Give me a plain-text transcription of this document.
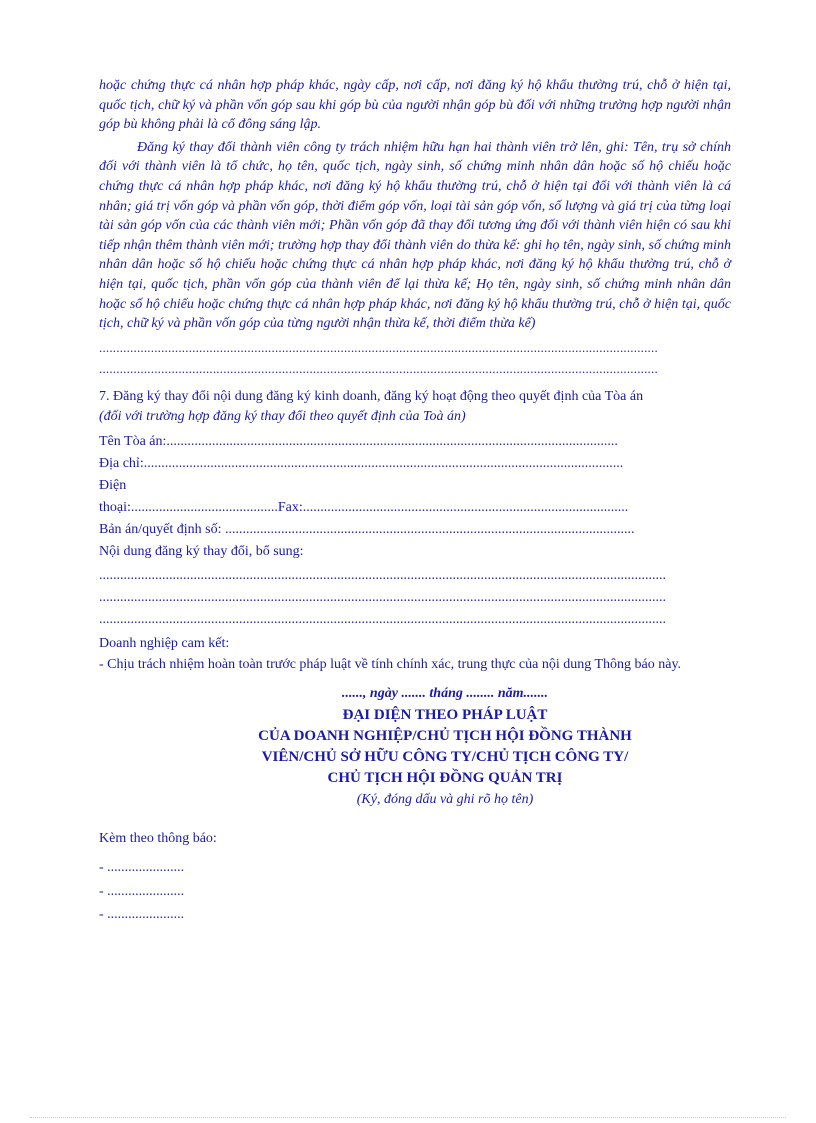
hoặc chứng thực cá nhân hợp pháp khác, ngày cấp, nơi cấp, nơi đăng ký hộ khẩu thường trú, chỗ ở hiện tại, quốc tịch, chữ ký và phần vốn góp sau khi góp bù của người nhận góp bù đối với những trường hợp người nhận góp bù không phải là cổ đông sáng lập.

Đăng ký thay đổi thành viên công ty trách nhiệm hữu hạn hai thành viên trở lên, ghi: Tên, trụ sở chính đối với thành viên là tổ chức, họ tên, quốc tịch, ngày sinh, số chứng minh nhân dân hoặc số hộ chiếu hoặc chứng thực cá nhân hợp pháp khác, nơi đăng ký hộ khẩu thường trú, chỗ ở hiện tại đối với thành viên là cá nhân; giá trị vốn góp và phần vốn góp, thời điểm góp vốn, loại tài sản góp vốn, số lượng và giá trị của từng loại tài sản góp vốn của các thành viên mới; Phần vốn góp đã thay đổi tương ứng đối với thành viên hiện có sau khi tiếp nhận thêm thành viên mới; trường hợp thay đổi thành viên do thừa kế: ghi họ tên, ngày sinh, số chứng minh nhân dân hoặc số hộ chiếu hoặc chứng thực cá nhân hợp pháp khác, nơi đăng ký hộ khẩu thường trú, chỗ ở hiện tại, quốc tịch, phần vốn góp của thành viên để lại thừa kế; Họ tên, ngày sinh, số chứng minh nhân dân hoặc số hộ chiếu hoặc chứng thực cá nhân hợp pháp khác, nơi đăng ký hộ khẩu thường trú, chỗ ở hiện tại, quốc tịch, chữ ký và phần vốn góp của từng người nhận thừa kế, thời điểm thừa kế)

..................................................................................................................................................................

..................................................................................................................................................................

7. Đăng ký thay đổi nội dung đăng ký kinh doanh, đăng ký hoạt động theo quyết định của Tòa án

(đối với trường hợp đăng ký thay đổi theo quyết định của Toà án)

Tên Tòa án:.................................................................................................................................

Địa chỉ:.........................................................................................................................................

Điện

thoại:..........................................Fax:.............................................................................................

Bản án/quyết định số: .....................................................................................................................

Nội dung đăng ký thay đổi, bổ sung:

..................................................................................................................................................................

..................................................................................................................................................................

..................................................................................................................................................................

Doanh nghiệp cam kết:

- Chịu trách nhiệm hoàn toàn trước pháp luật về tính chính xác, trung thực của nội dung Thông báo này.

......, ngày ....... tháng ........ năm.......
ĐẠI DIỆN THEO PHÁP LUẬT
CỦA DOANH NGHIỆP/CHỦ TỊCH HỘI ĐỒNG THÀNH
VIÊN/CHỦ SỞ HỮU CÔNG TY/CHỦ TỊCH CÔNG TY/
CHỦ TỊCH HỘI ĐỒNG QUẢN TRỊ
(Ký, đóng dấu và ghi rõ họ tên)

Kèm theo thông báo:

- ......................

- ......................

- ......................
